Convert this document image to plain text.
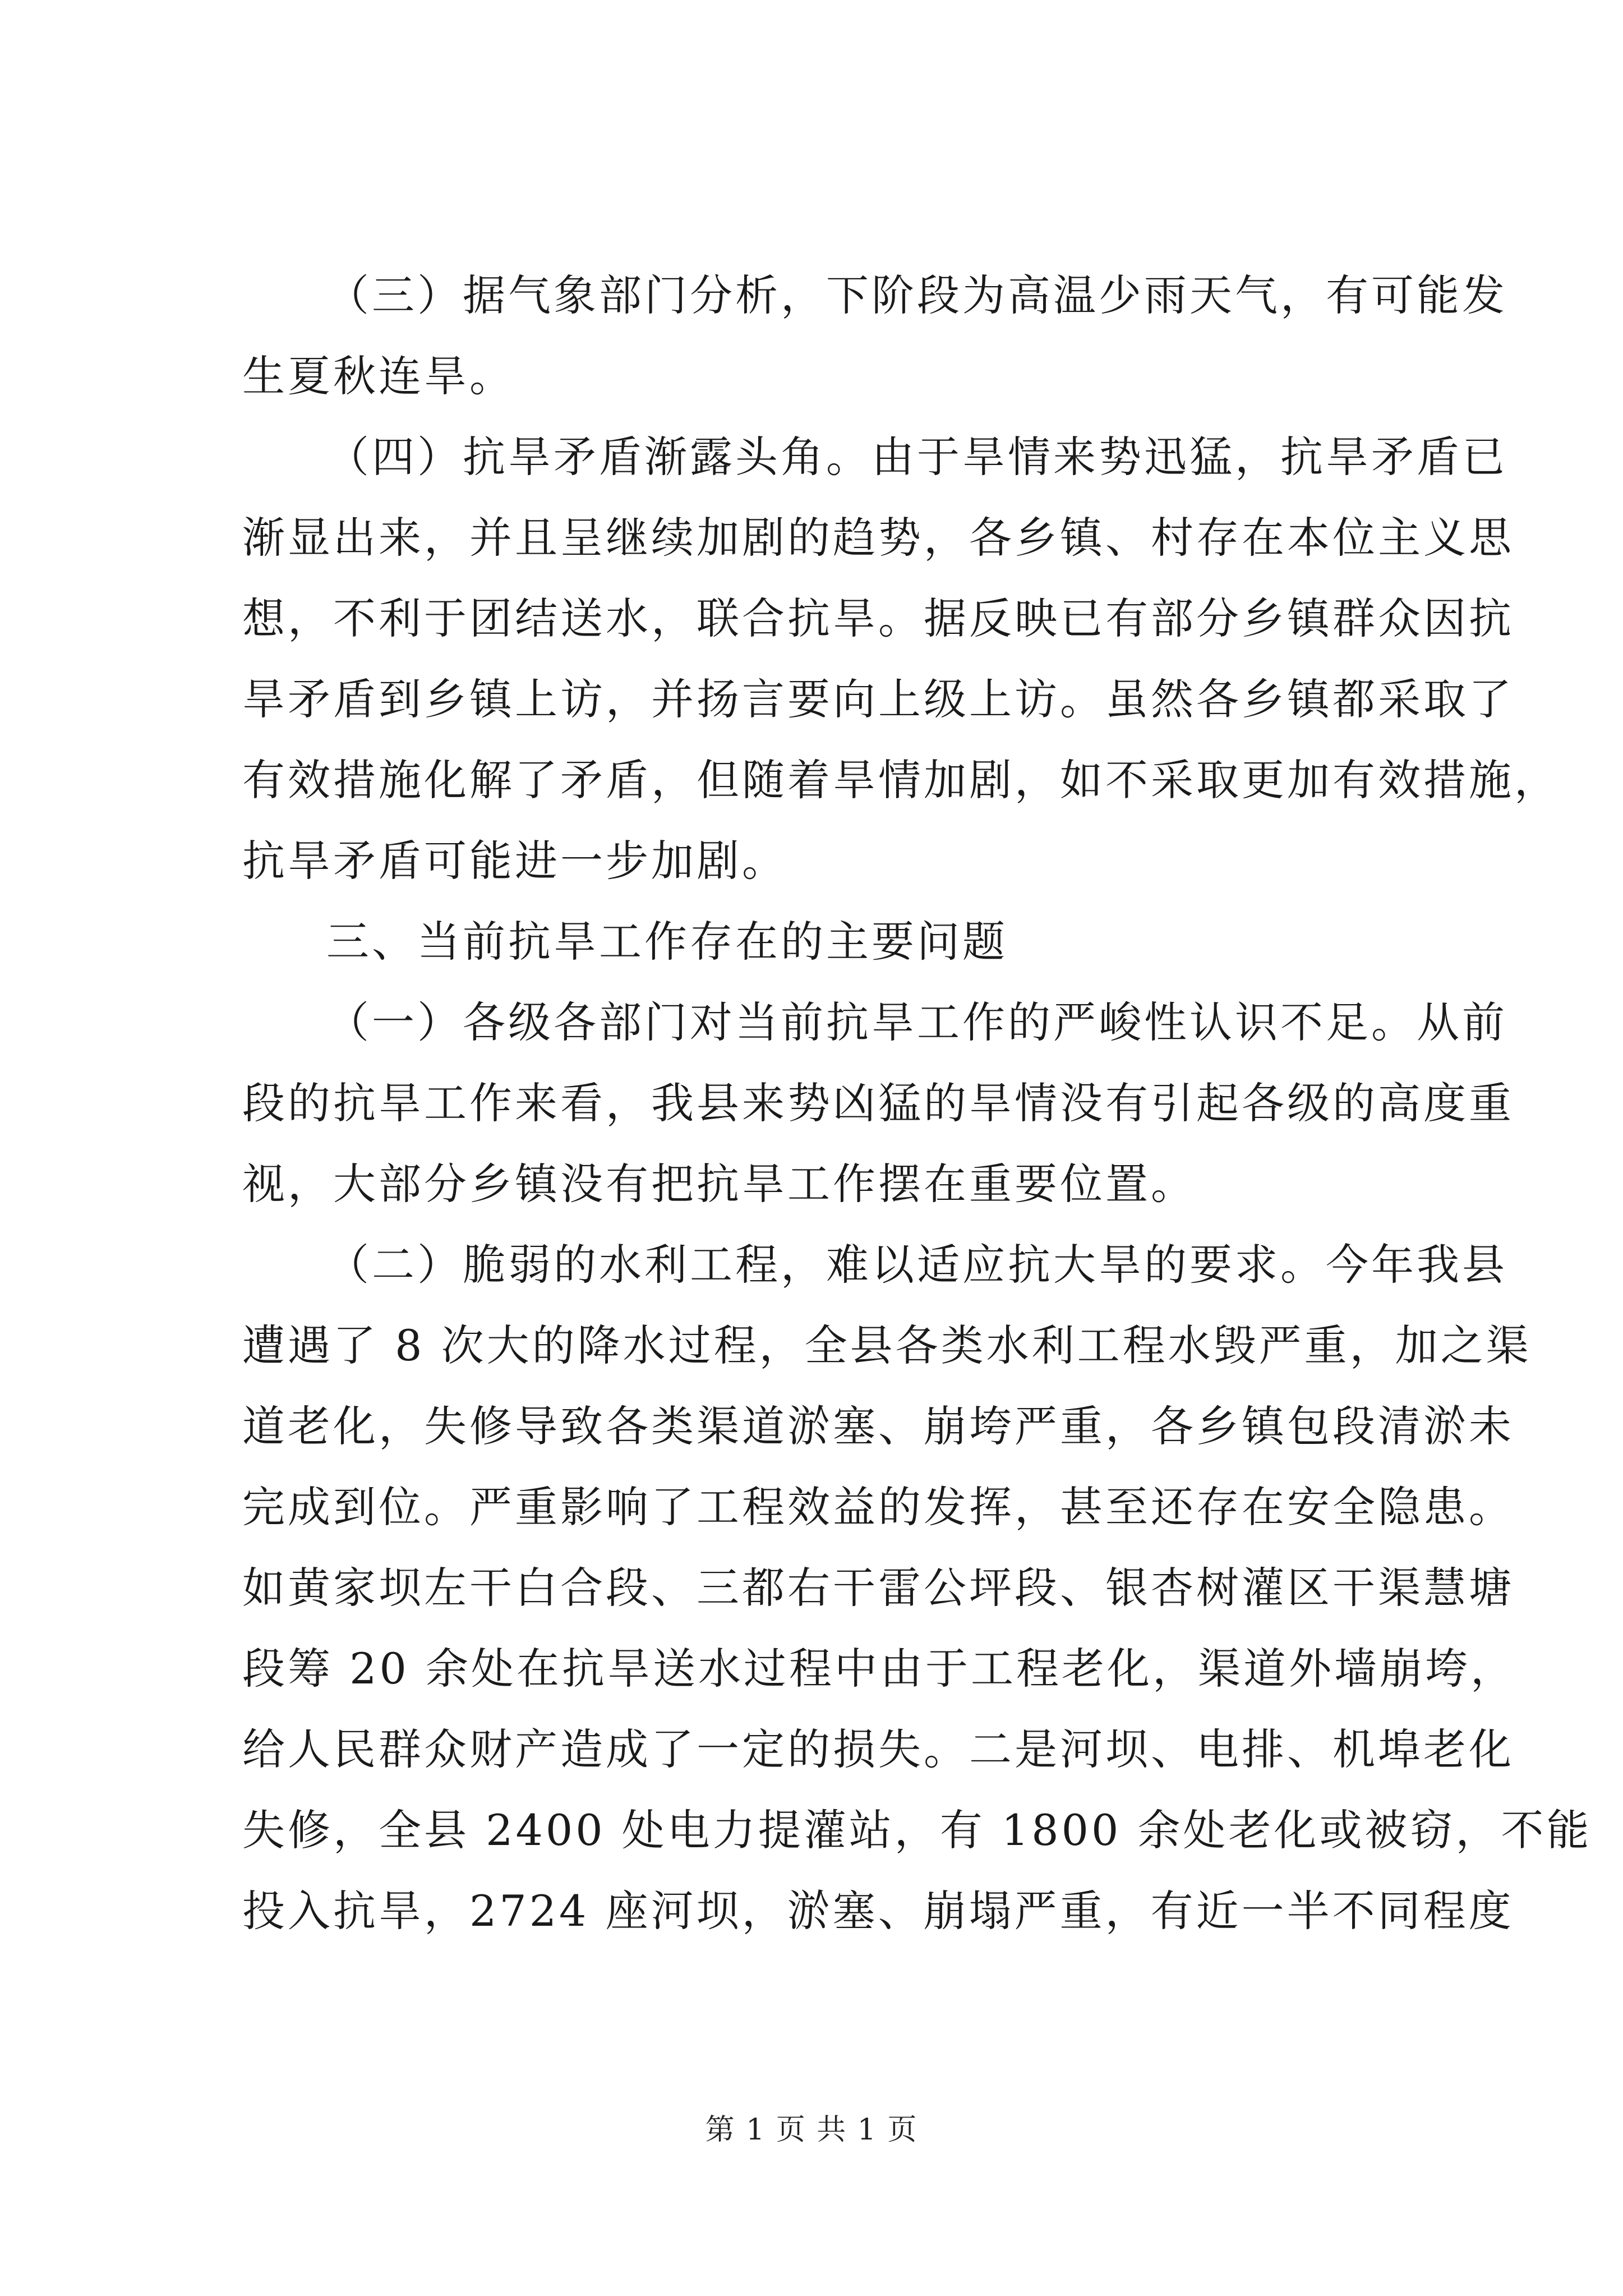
（三）据气象部门分析，下阶段为高温少雨天气，有可能发
生夏秋连旱。
（四）抗旱矛盾渐露头角。由于旱情来势迅猛，抗旱矛盾已
渐显出来，并且呈继续加剧的趋势，各乡镇、村存在本位主义思
想，不利于团结送水，联合抗旱。据反映已有部分乡镇群众因抗
旱矛盾到乡镇上访，并扬言要向上级上访。虽然各乡镇都采取了
有效措施化解了矛盾，但随着旱情加剧，如不采取更加有效措施，
抗旱矛盾可能进一步加剧。
三、当前抗旱工作存在的主要问题
（一）各级各部门对当前抗旱工作的严峻性认识不足。从前
段的抗旱工作来看，我县来势凶猛的旱情没有引起各级的高度重
视，大部分乡镇没有把抗旱工作摆在重要位置。
（二）脆弱的水利工程，难以适应抗大旱的要求。今年我县
遭遇了 8 次大的降水过程，全县各类水利工程水毁严重，加之渠
道老化，失修导致各类渠道淤塞、崩垮严重，各乡镇包段清淤未
完成到位。严重影响了工程效益的发挥，甚至还存在安全隐患。
如黄家坝左干白合段、三都右干雷公坪段、银杏树灌区干渠慧塘
段筹 20 余处在抗旱送水过程中由于工程老化，渠道外墙崩垮，
给人民群众财产造成了一定的损失。二是河坝、电排、机埠老化
失修，全县 2400 处电力提灌站，有 1800 余处老化或被窃，不能
投入抗旱，2724 座河坝，淤塞、崩塌严重，有近一半不同程度
第 1 页 共 1 页
